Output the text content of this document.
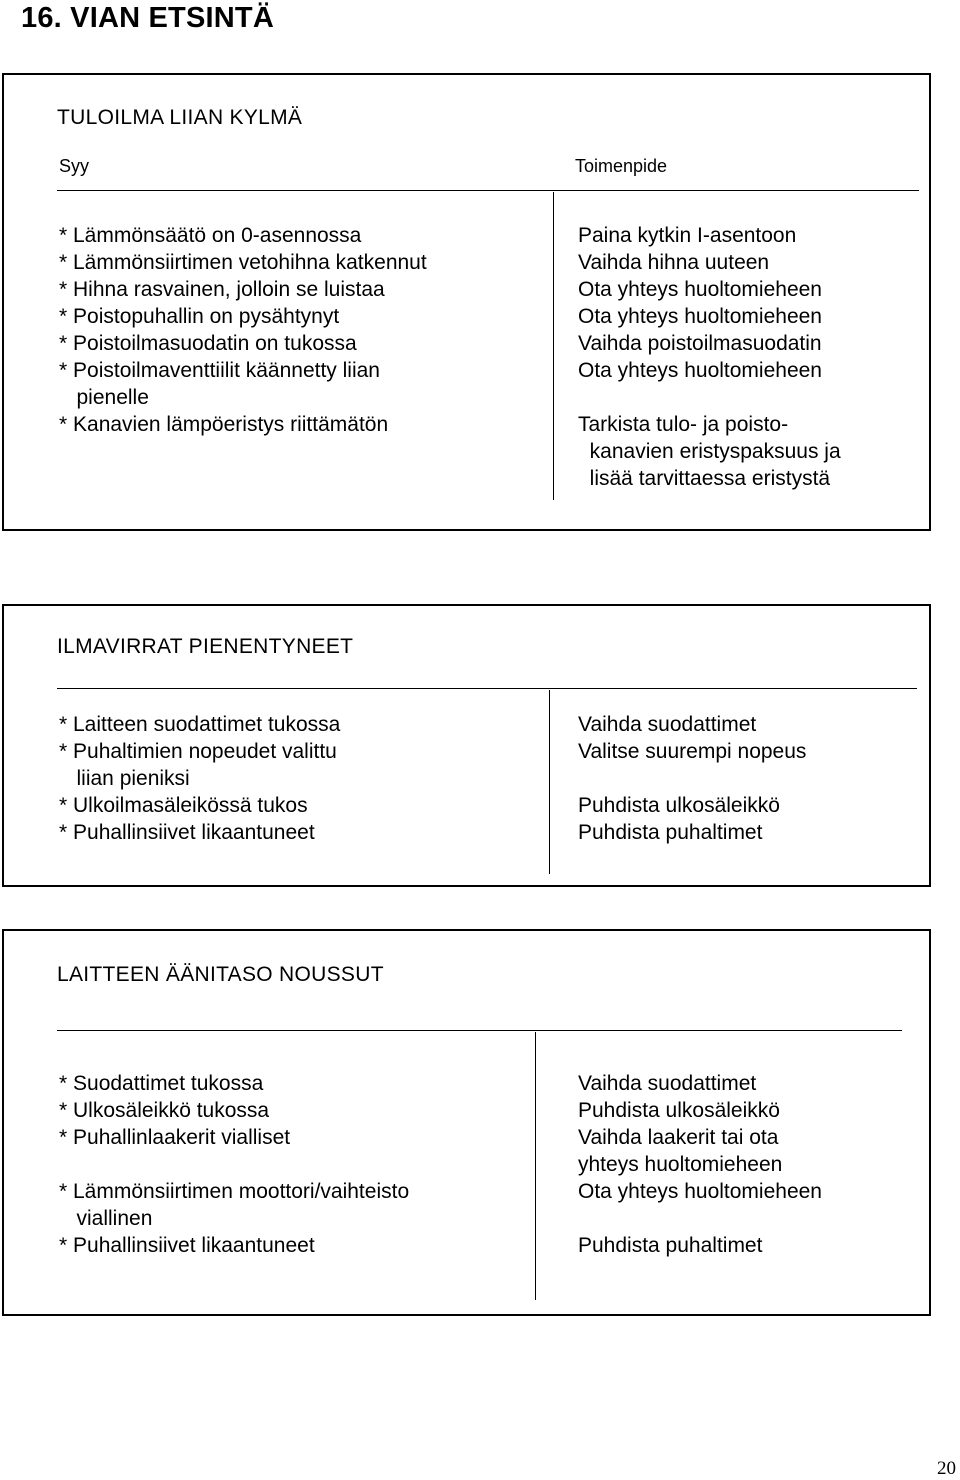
16. VIAN ETSINTÄ
TULOILMA LIIAN KYLMÄ
Syy	Toimenpide
* Lämmönsäätö on 0-asennossa
* Lämmönsiirtimen vetohihna katkennut
* Hihna rasvainen, jolloin se luistaa
* Poistopuhallin on pysähtynyt
* Poistoilmasuodatin on tukossa
* Poistoilmaventtiilit käännetty liian
pienelle
* Kanavien lämpöeristys riittämätön
Paina kytkin I-asentoon
Vaihda hihna uuteen
Ota yhteys huoltomieheen
Ota yhteys huoltomieheen
Vaihda poistoilmasuodatin
Ota yhteys huoltomieheen
Tarkista tulo- ja poisto-
kanavien eristyspaksuus ja
lisää tarvittaessa eristystä
ILMAVIRRAT PIENENTYNEET
* Laitteen suodattimet tukossa
* Puhaltimien nopeudet valittu
liian pieniksi
* Ulkoilmasäleikössä tukos
* Puhallinsiivet likaantuneet
Vaihda suodattimet
Valitse suurempi nopeus
Puhdista ulkosäleikkö
Puhdista puhaltimet
LAITTEEN ÄÄNITASO NOUSSUT
* Suodattimet tukossa
* Ulkosäleikkö tukossa
* Puhallinlaakerit vialliset
* Lämmönsiirtimen moottori/vaihteisto
viallinen
* Puhallinsiivet likaantuneet
Vaihda suodattimet
Puhdista ulkosäleikkö
Vaihda laakerit tai ota
yhteys huoltomieheen
Ota yhteys huoltomieheen
Puhdista puhaltimet
20
